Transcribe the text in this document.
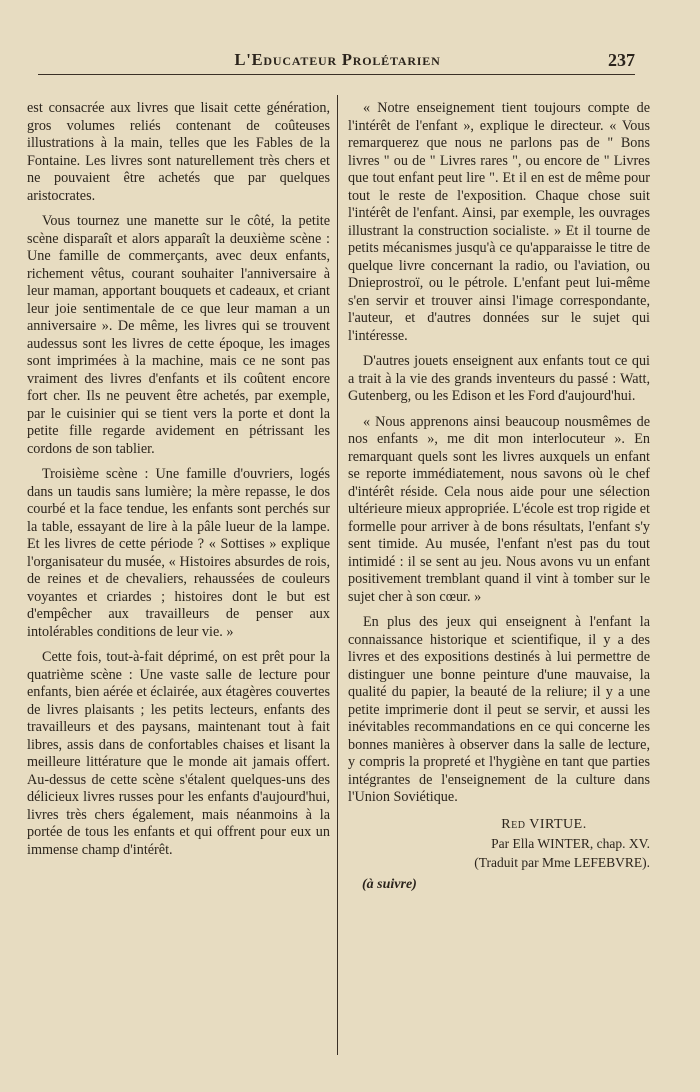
L'Educateur Prolétarien	237

est consacrée aux livres que lisait cette génération, gros volumes reliés contenant de coûteuses illustrations à la main, telles que les Fables de la Fontaine. Les livres sont naturellement très chers et ne pouvaient être achetés que par quelques aristocrates.

Vous tournez une manette sur le côté, la petite scène disparaît et alors apparaît la deuxième scène : Une famille de commerçants, avec deux enfants, richement vêtus, courant souhaiter l'anniversaire à leur maman, apportant bouquets et cadeaux, et criant leur joie sentimentale de ce que leur maman a un anniversaire ». De même, les livres qui se trouvent audessus sont les livres de cette époque, les images sont imprimées à la machine, mais ce ne sont pas vraiment des livres d'enfants et ils coûtent encore fort cher. Ils ne peuvent être achetés, par exemple, par le cuisinier qui se tient vers la porte et dont la petite fille regarde avidement en pétrissant les cordons de son tablier.

Troisième scène : Une famille d'ouvriers, logés dans un taudis sans lumière; la mère repasse, le dos courbé et la face tendue, les enfants sont perchés sur la table, essayant de lire à la pâle lueur de la lampe. Et les livres de cette période ? « Sottises » explique l'organisateur du musée, « Histoires absurdes de rois, de reines et de chevaliers, rehaussées de couleurs voyantes et criardes ; histoires dont le but est d'empêcher aux travailleurs de penser aux intolérables conditions de leur vie. »

Cette fois, tout-à-fait déprimé, on est prêt pour la quatrième scène : Une vaste salle de lecture pour enfants, bien aérée et éclairée, aux étagères couvertes de livres plaisants ; les petits lecteurs, enfants des travailleurs et des paysans, maintenant tout à fait libres, assis dans de confortables chaises et lisant la meilleure littérature que le monde ait jamais offert. Au-dessus de cette scène s'étalent quelques-uns des délicieux livres russes pour les enfants d'aujourd'hui, livres très chers également, mais néanmoins à la portée de tous les enfants et qui offrent pour eux un immense champ d'intérêt.

« Notre enseignement tient toujours compte de l'intérêt de l'enfant », explique le directeur. « Vous remarquerez que nous ne parlons pas de " Bons livres " ou de " Livres rares ", ou encore de " Livres que tout enfant peut lire ". Et il en est de même pour tout le reste de l'exposition. Chaque chose suit l'intérêt de l'enfant. Ainsi, par exemple, les ouvrages illustrant la construction socialiste. » Et il tourne de petits mécanismes jusqu'à ce qu'apparaisse le titre de quelque livre concernant la radio, ou l'aviation, ou Dnieprostroï, ou le pétrole. L'enfant peut lui-même s'en servir et trouver ainsi l'image correspondante, l'auteur, et d'autres données sur le sujet qui l'intéresse.

D'autres jouets enseignent aux enfants tout ce qui a trait à la vie des grands inventeurs du passé : Watt, Gutenberg, ou les Edison et les Ford d'aujourd'hui.

« Nous apprenons ainsi beaucoup nousmêmes de nos enfants », me dit mon interlocuteur ». En remarquant quels sont les livres auxquels un enfant se reporte immédiatement, nous savons où le chef d'intérêt réside. Cela nous aide pour une sélection ultérieure mieux appropriée. L'école est trop rigide et formelle pour arriver à de bons résultats, l'enfant s'y sent timide. Au musée, l'enfant n'est pas du tout intimidé : il se sent au jeu. Nous avons vu un enfant positivement tremblant quand il vint à tomber sur le sujet cher à son cœur. »

En plus des jeux qui enseignent à l'enfant la connaissance historique et scientifique, il y a des livres et des expositions destinés à lui permettre de distinguer une bonne peinture d'une mauvaise, la qualité du papier, la beauté de la reliure; il y a une petite imprimerie dont il peut se servir, et aussi les inévitables recommandations en ce qui concerne les bonnes manières à observer dans la salle de lecture, y compris la propreté et l'hygiène en tant que parties intégrantes de l'enseignement de la culture dans l'Union Soviétique.

Red VIRTUE.
Par Ella WINTER, chap. XV.
(Traduit par Mme LEFEBVRE).
(à suivre)
